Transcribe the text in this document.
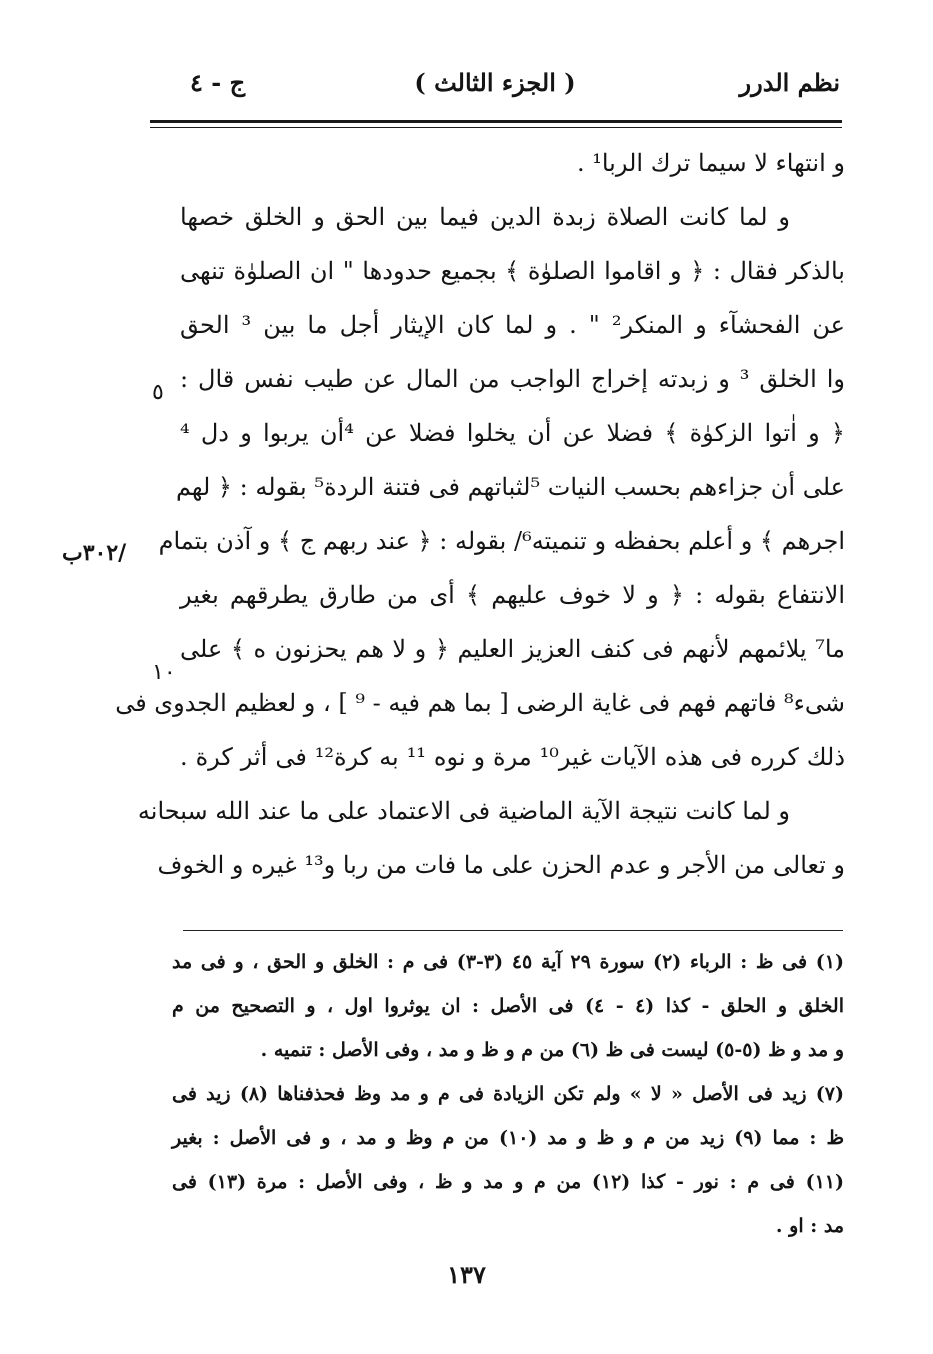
نظم الدرر
( الجزء الثالث )
ج - ٤
و انتهاء لا سيما ترك الربا¹ .
و لما كانت الصلاة زبدة الدين فيما بين الحق و الخلق خصها
بالذكر فقال : ﴿ و اقاموا الصلوٰة ﴾ بجميع حدودها " ان الصلوٰة تنهى
عن الفحشآء و المنكر² " . و لما كان الإيثار أجل ما بين ³ الحق
وا الخلق ³ و زبدته إخراج الواجب من المال عن طيب نفس قال :
﴿ و اٰتوا الزكوٰة ﴾ فضلا عن أن يخلوا فضلا عن ⁴أن يربوا و دل ⁴
على أن جزاءهم بحسب النيات ⁵لثباتهم فى فتنة الردة⁵ بقوله : ﴿ لهم
اجرهم ﴾ و أعلم بحفظه و تنميته⁶/ بقوله : ﴿ عند ربهم ج ﴾ و آذن بتمام
الانتفاع بقوله : ﴿ و لا خوف عليهم ﴾ أى من طارق يطرقهم بغير
ما⁷ يلائمهم لأنهم فى كنف العزيز العليم ﴿ و لا هم يحزنون ه ﴾ على
شىء⁸ فاتهم فهم فى غاية الرضى [ بما هم فيه - ⁹ ] ، و لعظيم الجدوى فى
ذلك كرره فى هذه الآيات غير¹⁰ مرة و نوه ¹¹ به كرة¹² فى أثر كرة .
و لما كانت نتيجة الآية الماضية فى الاعتماد على ما عند الله سبحانه
و تعالى من الأجر و عدم الحزن على ما فات من ربا و¹³ غيره و الخوف
٥
١٠
/٣٠٢ب
(١) فى ظ : الرباء (٢) سورة ٢٩ آية ٤٥ (٣-٣) فى م : الخلق و الحق ، و فى مد
الخلق و الحلق - كذا (٤ - ٤) فى الأصل : ان يوثروا اول ، و التصحيح من م
و مد و ظ (٥-٥) ليست فى ظ (٦) من م و ظ و مد ، وفى الأصل : تنميه .
(٧) زيد فى الأصل « لا » ولم تكن الزيادة فى م و مد وظ فحذفناها (٨) زيد فى
ظ : مما (٩) زيد من م و ظ و مد (١٠) من م وظ و مد ، و فى الأصل : بغير
(١١) فى م : نور - كذا (١٢) من م و مد و ظ ، وفى الأصل : مرة (١٣) فى
مد : او .
١٣٧
